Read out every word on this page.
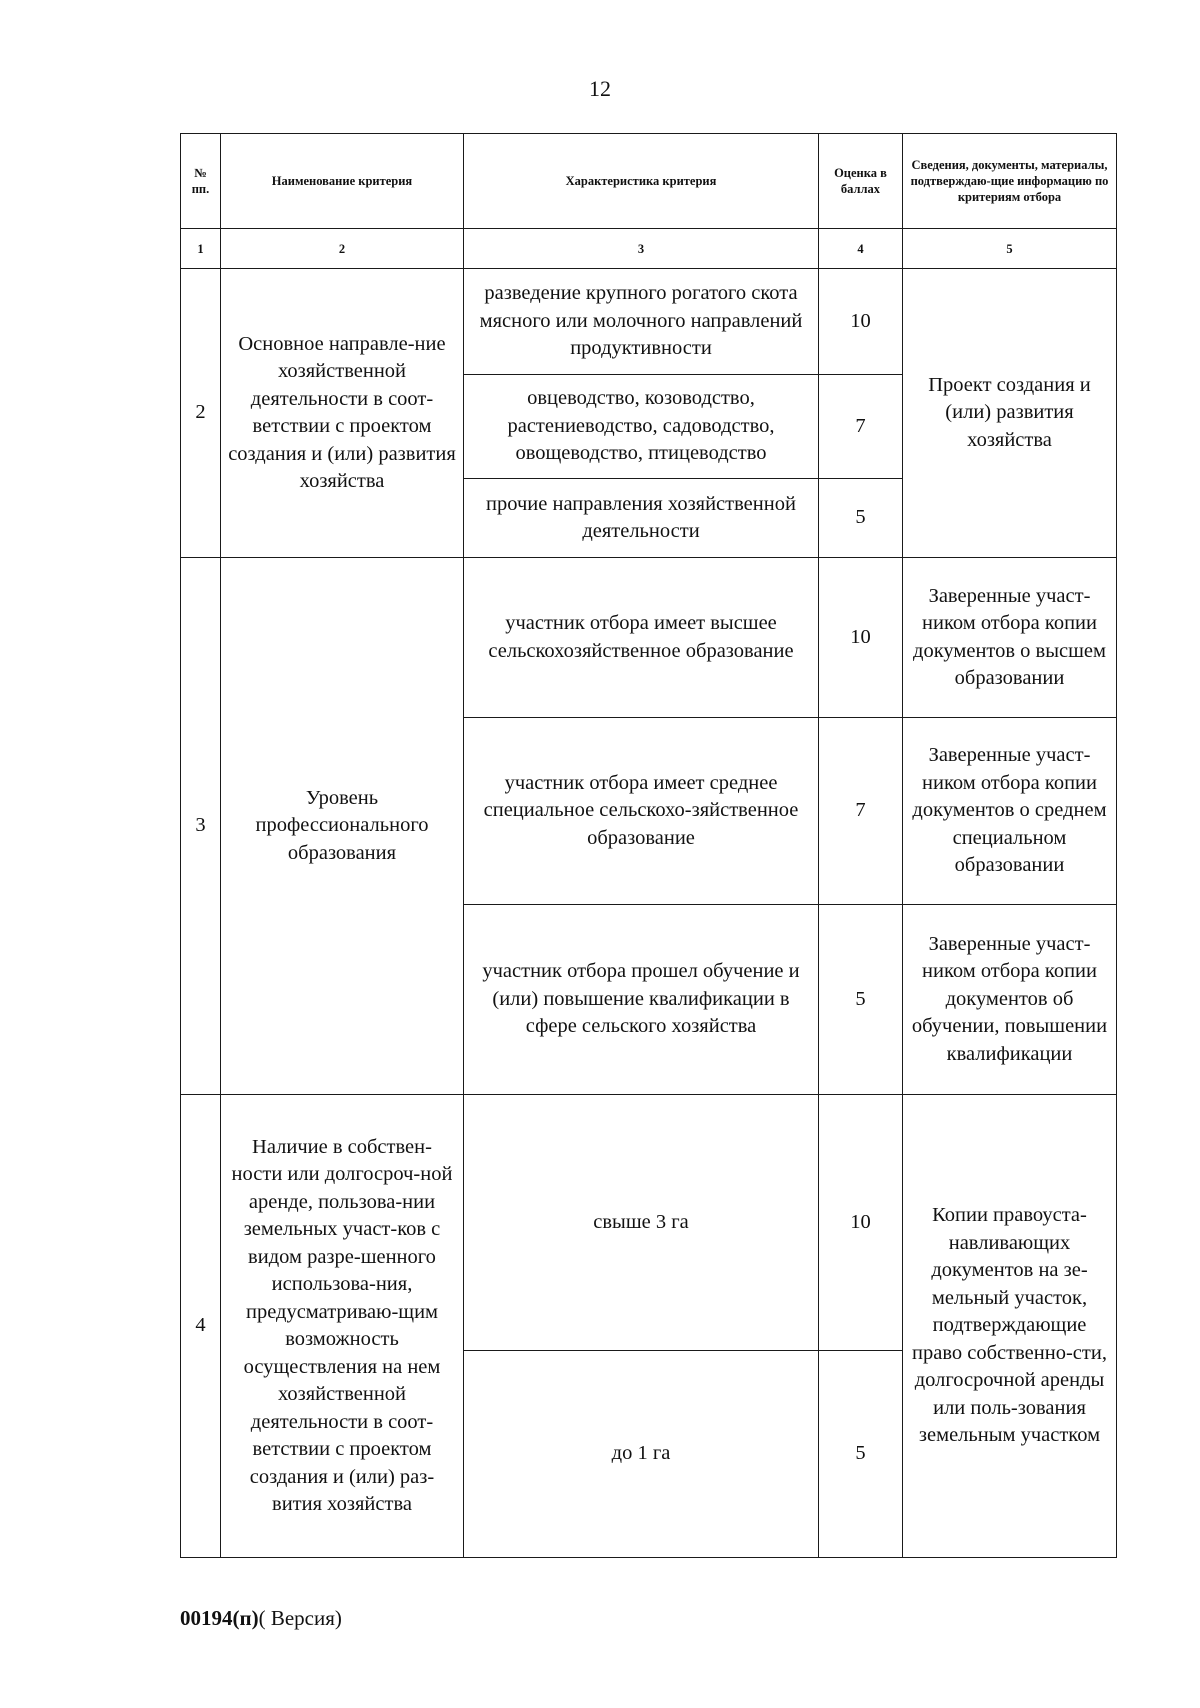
12
№ пп.	Наименование критерия	Характеристика критерия	Оценка в баллах	Сведения, документы, материалы, подтверждаю-щие информацию по критериям отбора
1	2	3	4	5
2	Основное направле-ние хозяйственной деятельности в соот-ветствии с проектом создания и (или) развития хозяйства	разведение крупного рогатого скота мясного или молочного направлений продуктивности	10	Проект создания и (или) развития хозяйства
		овцеводство, козоводство, растениеводство, садоводство, овощеводство, птицеводство	7	
		прочие направления хозяйственной деятельности	5	
3	Уровень профессионального образования	участник отбора имеет высшее сельскохозяйственное образование	10	Заверенные участ-ником отбора копии документов о высшем образовании
		участник отбора имеет среднее специальное сельскохо-зяйственное образование	7	Заверенные участ-ником отбора копии документов о среднем специальном образовании
		участник отбора прошел обучение и (или) повышение квалификации в сфере сельского хозяйства	5	Заверенные участ-ником отбора копии документов об обучении, повышении квалификации
4	Наличие в собствен-ности или долгосроч-ной аренде, пользова-нии земельных участ-ков с видом разре-шенного использова-ния, предусматриваю-щим возможность осуществления на нем хозяйственной деятельности в соот-ветствии с проектом создания и (или) раз-вития хозяйства	свыше 3 га	10	Копии правоуста-навливающих документов на зе-мельный участок, подтверждающие право собственно-сти, долгосрочной аренды или поль-зования земельным участком
		до 1 га	5	
00194(п)( Версия)
